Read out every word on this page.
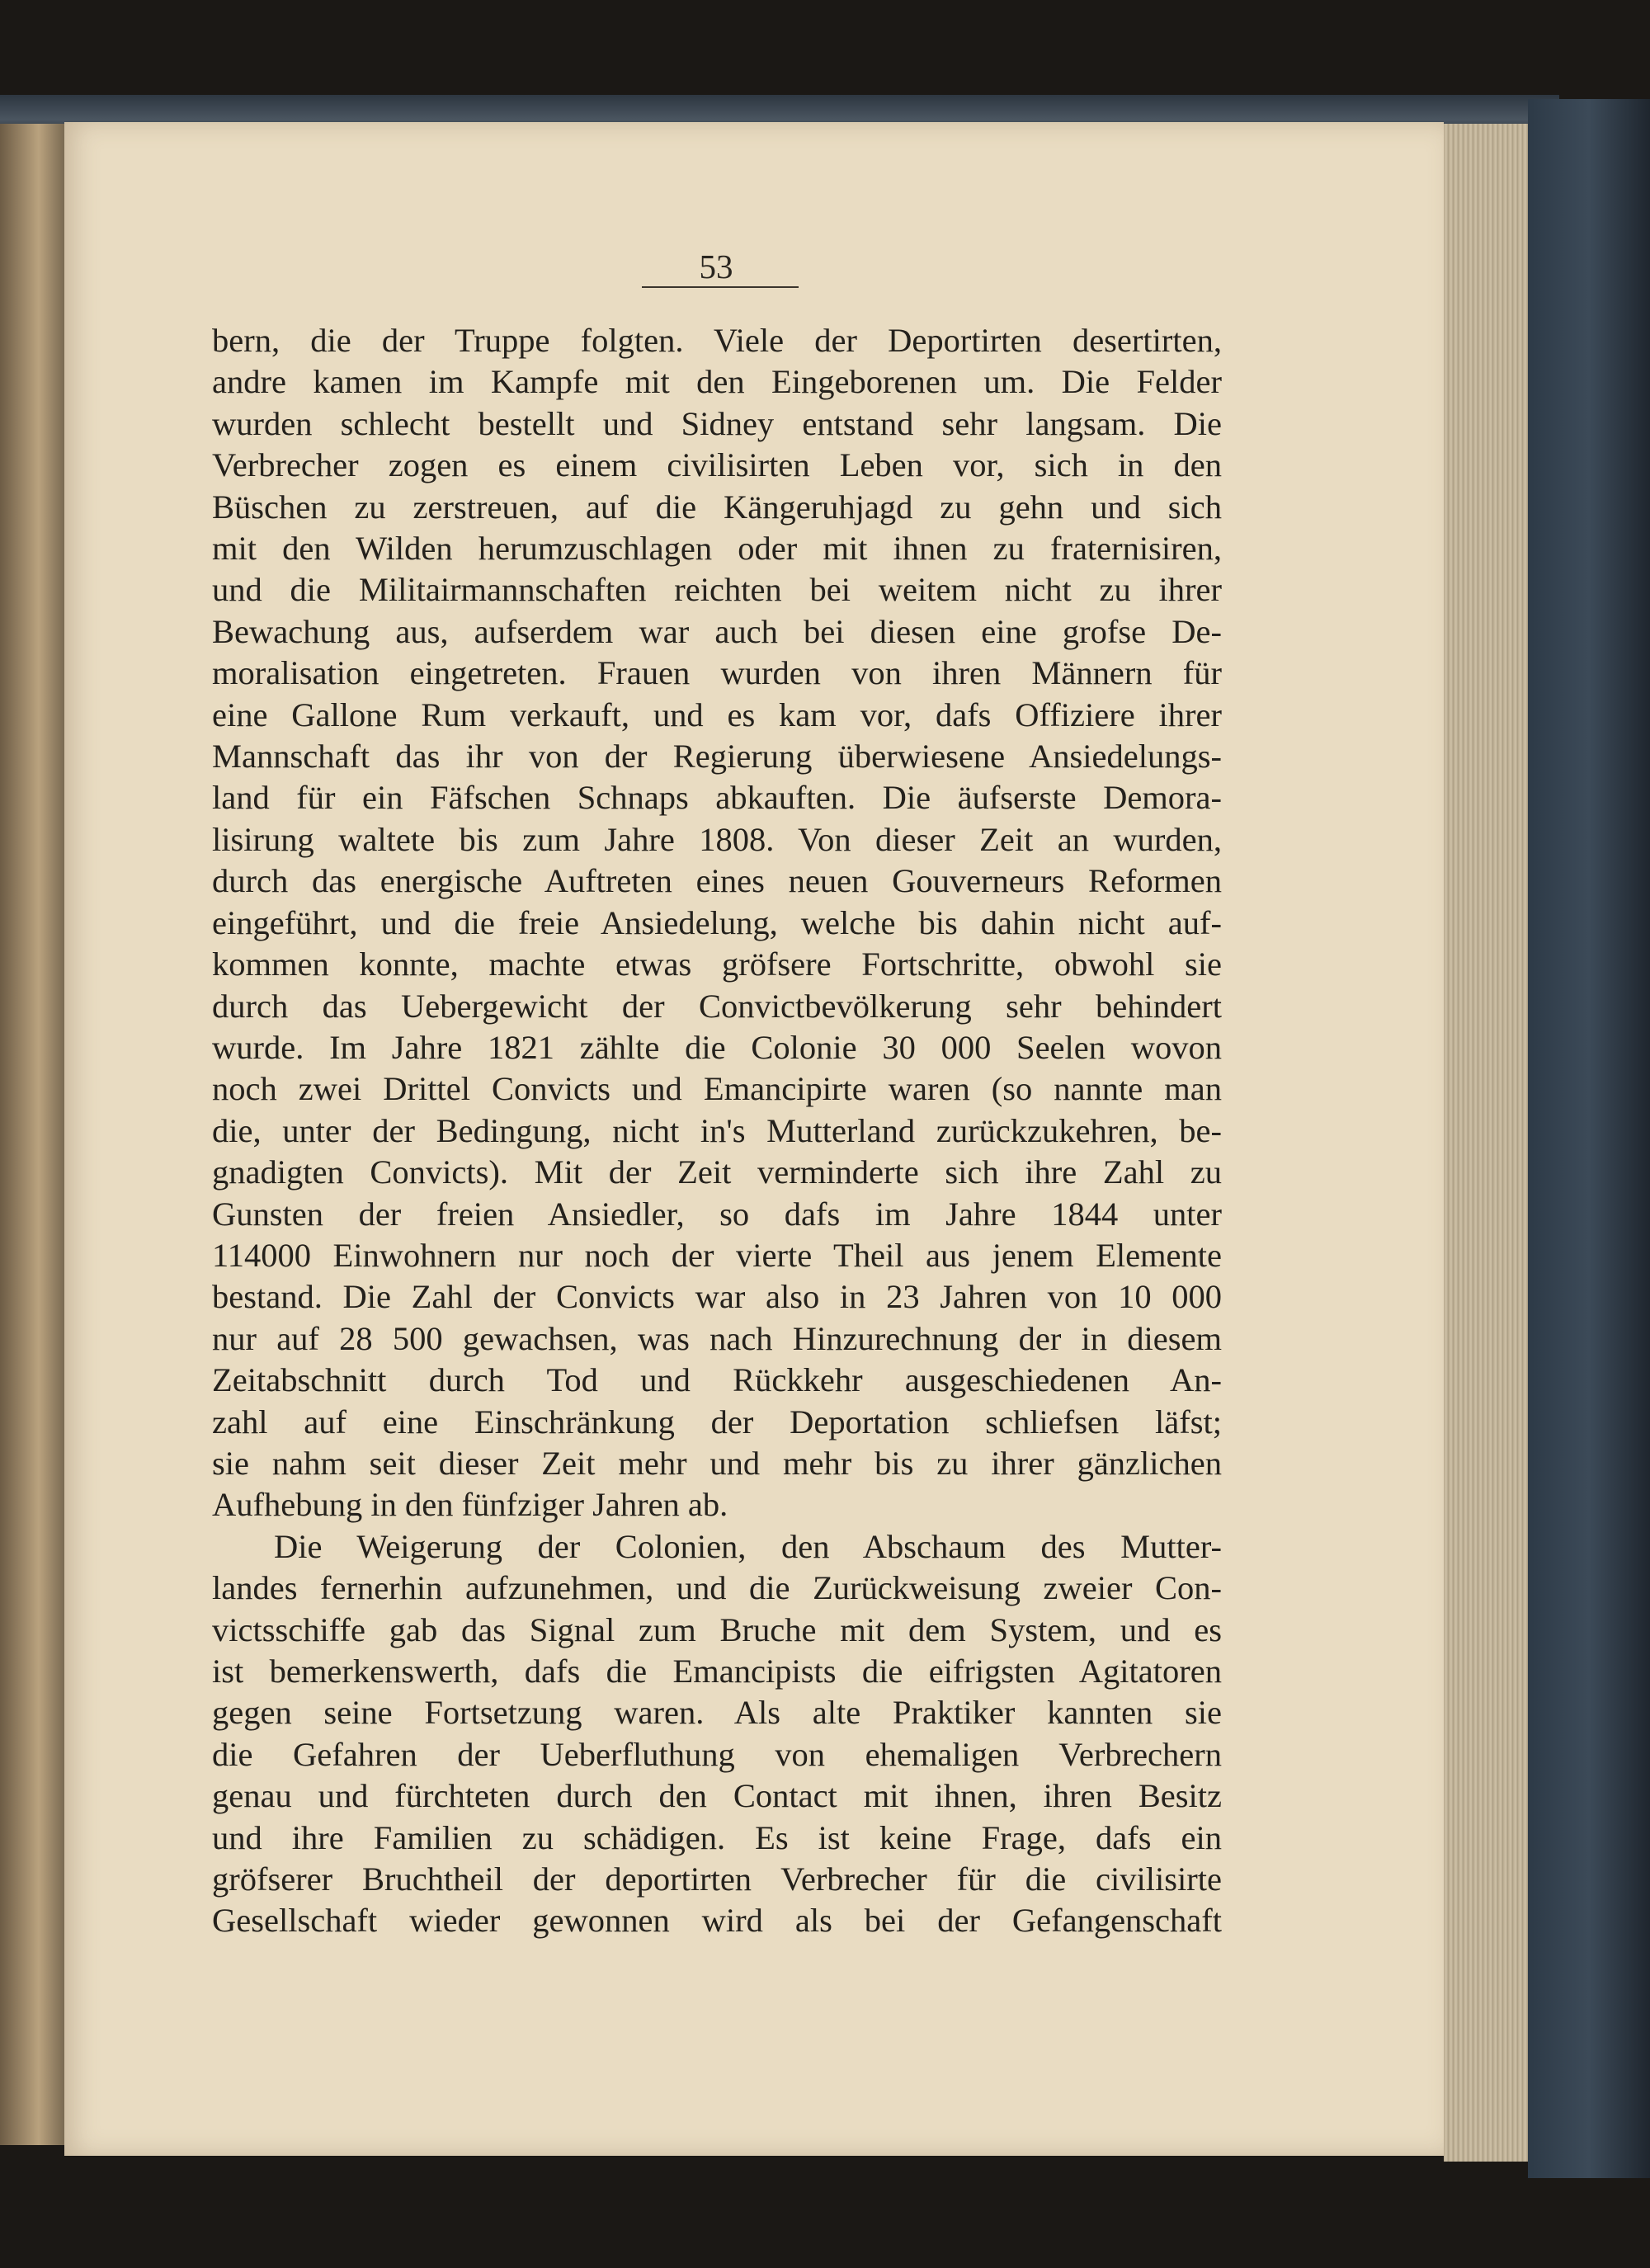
53
bern, die der Truppe folgten. Viele der Deportirten desertirten,
andre kamen im Kampfe mit den Eingeborenen um. Die Felder
wurden schlecht bestellt und Sidney entstand sehr langsam. Die
Verbrecher zogen es einem civilisirten Leben vor, sich in den
Büschen zu zerstreuen, auf die Kängeruhjagd zu gehn und sich
mit den Wilden herumzuschlagen oder mit ihnen zu fraternisiren,
und die Militairmannschaften reichten bei weitem nicht zu ihrer
Bewachung aus, aufserdem war auch bei diesen eine grofse De-
moralisation eingetreten. Frauen wurden von ihren Männern für
eine Gallone Rum verkauft, und es kam vor, dafs Offiziere ihrer
Mannschaft das ihr von der Regierung überwiesene Ansiedelungs-
land für ein Fäfschen Schnaps abkauften. Die äufserste Demora-
lisirung waltete bis zum Jahre 1808. Von dieser Zeit an wurden,
durch das energische Auftreten eines neuen Gouverneurs Reformen
eingeführt, und die freie Ansiedelung, welche bis dahin nicht auf-
kommen konnte, machte etwas gröfsere Fortschritte, obwohl sie
durch das Uebergewicht der Convictbevölkerung sehr behindert
wurde. Im Jahre 1821 zählte die Colonie 30 000 Seelen wovon
noch zwei Drittel Convicts und Emancipirte waren (so nannte man
die, unter der Bedingung, nicht in's Mutterland zurückzukehren, be-
gnadigten Convicts). Mit der Zeit verminderte sich ihre Zahl zu
Gunsten der freien Ansiedler, so dafs im Jahre 1844 unter
114000 Einwohnern nur noch der vierte Theil aus jenem Elemente
bestand. Die Zahl der Convicts war also in 23 Jahren von 10 000
nur auf 28 500 gewachsen, was nach Hinzurechnung der in diesem
Zeitabschnitt durch Tod und Rückkehr ausgeschiedenen An-
zahl auf eine Einschränkung der Deportation schliefsen läfst;
sie nahm seit dieser Zeit mehr und mehr bis zu ihrer gänzlichen
Aufhebung in den fünfziger Jahren ab.
Die Weigerung der Colonien, den Abschaum des Mutter-
landes fernerhin aufzunehmen, und die Zurückweisung zweier Con-
victsschiffe gab das Signal zum Bruche mit dem System, und es
ist bemerkenswerth, dafs die Emancipists die eifrigsten Agitatoren
gegen seine Fortsetzung waren. Als alte Praktiker kannten sie
die Gefahren der Ueberfluthung von ehemaligen Verbrechern
genau und fürchteten durch den Contact mit ihnen, ihren Besitz
und ihre Familien zu schädigen. Es ist keine Frage, dafs ein
gröfserer Bruchtheil der deportirten Verbrecher für die civilisirte
Gesellschaft wieder gewonnen wird als bei der Gefangenschaft
